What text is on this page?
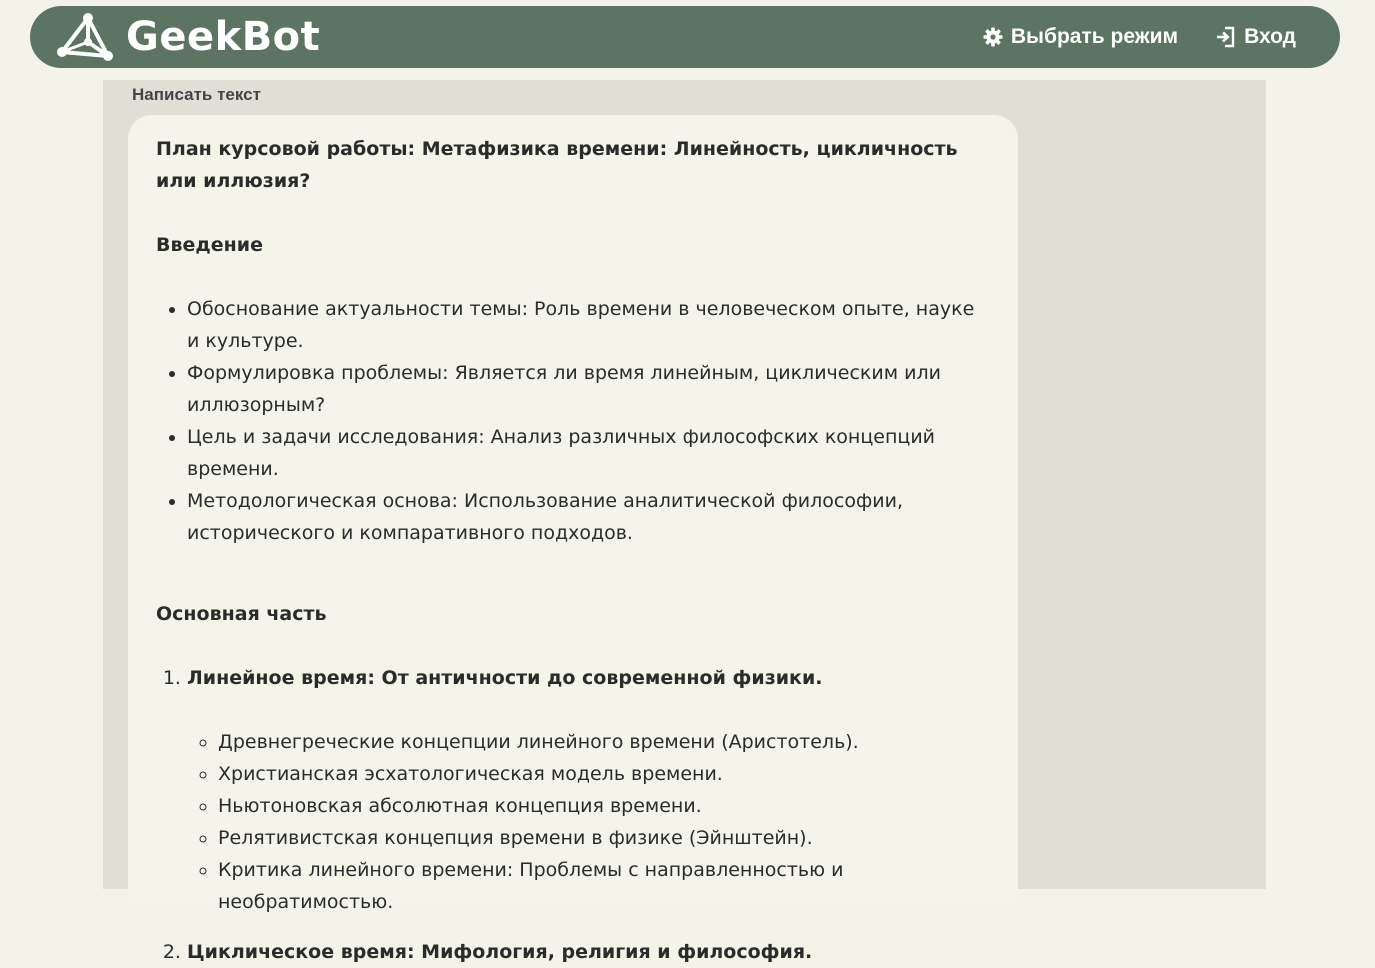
GeekBot	Выбрать режим	Вход
Написать текст

План курсовой работы: Метафизика времени: Линейность, цикличность или иллюзия?

Введение

• Обоснование актуальности темы: Роль времени в человеческом опыте, науке и культуре.
• Формулировка проблемы: Является ли время линейным, циклическим или иллюзорным?
• Цель и задачи исследования: Анализ различных философских концепций времени.
• Методологическая основа: Использование аналитической философии, исторического и компаративного подходов.

Основная часть

1. Линейное время: От античности до современной физики.
◦ Древнегреческие концепции линейного времени (Аристотель).
◦ Христианская эсхатологическая модель времени.
◦ Ньютоновская абсолютная концепция времени.
◦ Релятивистская концепция времени в физике (Эйнштейн).
◦ Критика линейного времени: Проблемы с направленностью и необратимостью.
2. Циклическое время: Мифология, религия и философия.
